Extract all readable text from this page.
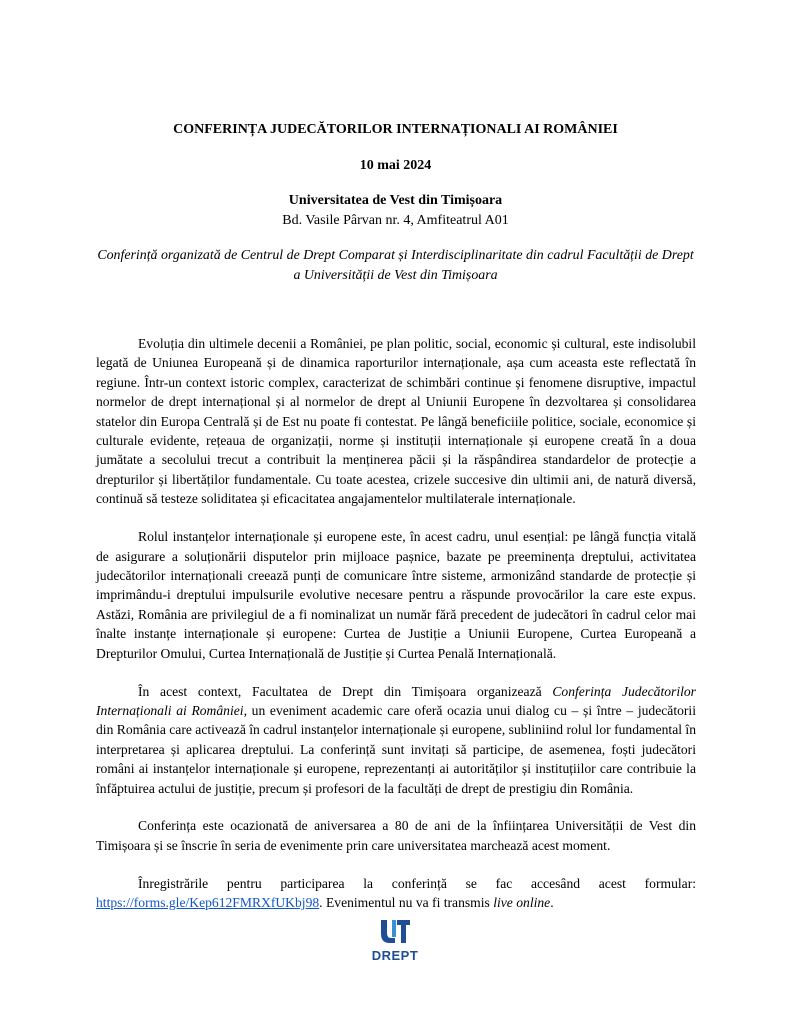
CONFERINȚA JUDECĂTORILOR INTERNAȚIONALI AI ROMÂNIEI

10 mai 2024

Universitatea de Vest din Timișoara
Bd. Vasile Pârvan nr. 4, Amfiteatrul A01

Conferință organizată de Centrul de Drept Comparat și Interdisciplinaritate din cadrul Facultății de Drept a Universității de Vest din Timișoara

Evoluția din ultimele decenii a României, pe plan politic, social, economic și cultural, este indisolubil legată de Uniunea Europeană și de dinamica raporturilor internaționale, așa cum aceasta este reflectată în regiune. Într-un context istoric complex, caracterizat de schimbări continue și fenomene disruptive, impactul normelor de drept internațional și al normelor de drept al Uniunii Europene în dezvoltarea și consolidarea statelor din Europa Centrală și de Est nu poate fi contestat. Pe lângă beneficiile politice, sociale, economice și culturale evidente, rețeaua de organizații, norme și instituții internaționale și europene creată în a doua jumătate a secolului trecut a contribuit la menținerea păcii și la răspândirea standardelor de protecție a drepturilor și libertăților fundamentale. Cu toate acestea, crizele succesive din ultimii ani, de natură diversă, continuă să testeze soliditatea și eficacitatea angajamentelor multilaterale internaționale.

Rolul instanțelor internaționale și europene este, în acest cadru, unul esențial: pe lângă funcția vitală de asigurare a soluționării disputelor prin mijloace pașnice, bazate pe preeminența dreptului, activitatea judecătorilor internaționali creează punți de comunicare între sisteme, armonizând standarde de protecție și imprimându-i dreptului impulsurile evolutive necesare pentru a răspunde provocărilor la care este expus. Astăzi, România are privilegiul de a fi nominalizat un număr fără precedent de judecători în cadrul celor mai înalte instanțe internaționale și europene: Curtea de Justiție a Uniunii Europene, Curtea Europeană a Drepturilor Omului, Curtea Internațională de Justiție și Curtea Penală Internațională.

În acest context, Facultatea de Drept din Timișoara organizează Conferința Judecătorilor Internaționali ai României, un eveniment academic care oferă ocazia unui dialog cu – și între – judecătorii din România care activează în cadrul instanțelor internaționale și europene, subliniind rolul lor fundamental în interpretarea și aplicarea dreptului. La conferință sunt invitați să participe, de asemenea, foști judecători români ai instanțelor internaționale și europene, reprezentanți ai autorităților și instituțiilor care contribuie la înfăptuirea actului de justiție, precum și profesori de la facultăți de drept de prestigiu din România.

Conferința este ocazionată de aniversarea a 80 de ani de la înființarea Universității de Vest din Timișoara și se înscrie în seria de evenimente prin care universitatea marchează acest moment.

Înregistrările pentru participarea la conferință se fac accesând acest formular: https://forms.gle/Kep612FMRXfUKbj98. Evenimentul nu va fi transmis live online.

DREPT
